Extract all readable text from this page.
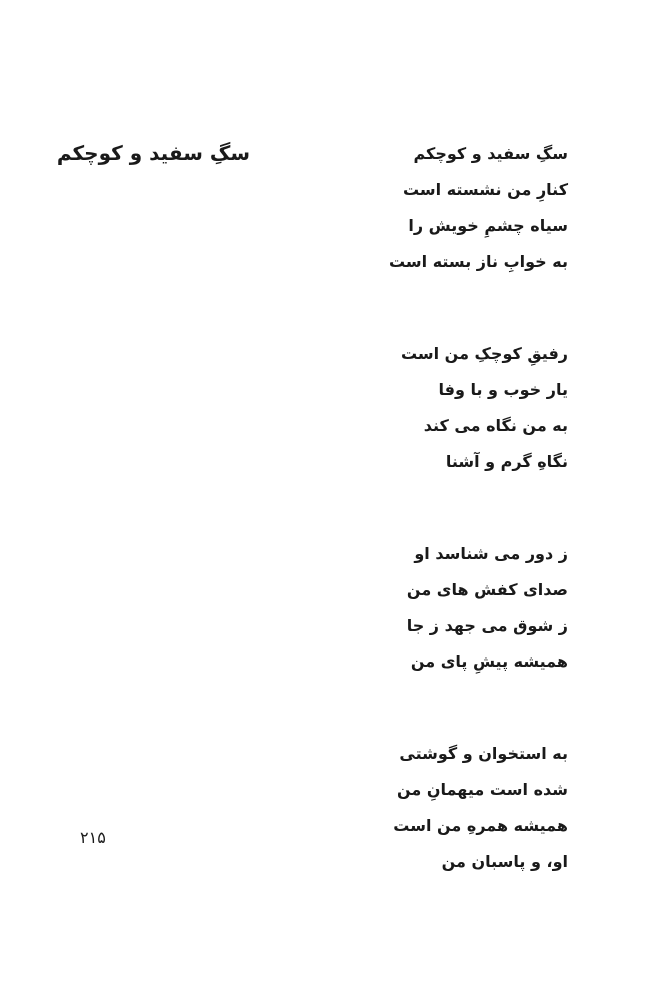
سگِ سفید و کوچکم	سگِ سفید و کوچکم
کنارِ من نشسته است
سیاه چشمِ خویش را
به خوابِ ناز بسته است
رفیقِ کوچکِ من است
یار خوب و با وفا
به من نگاه می کند
نگاهِ گرم و آشنا
ز دور می شناسد او
صدای کفش های من
ز شوق می جهد ز جا
همیشه پیشِ پای من
به استخوان و گوشتی
شده است میهمانِ من
همیشه همرهِ من است
او، و پاسبان من
۲۱۵
